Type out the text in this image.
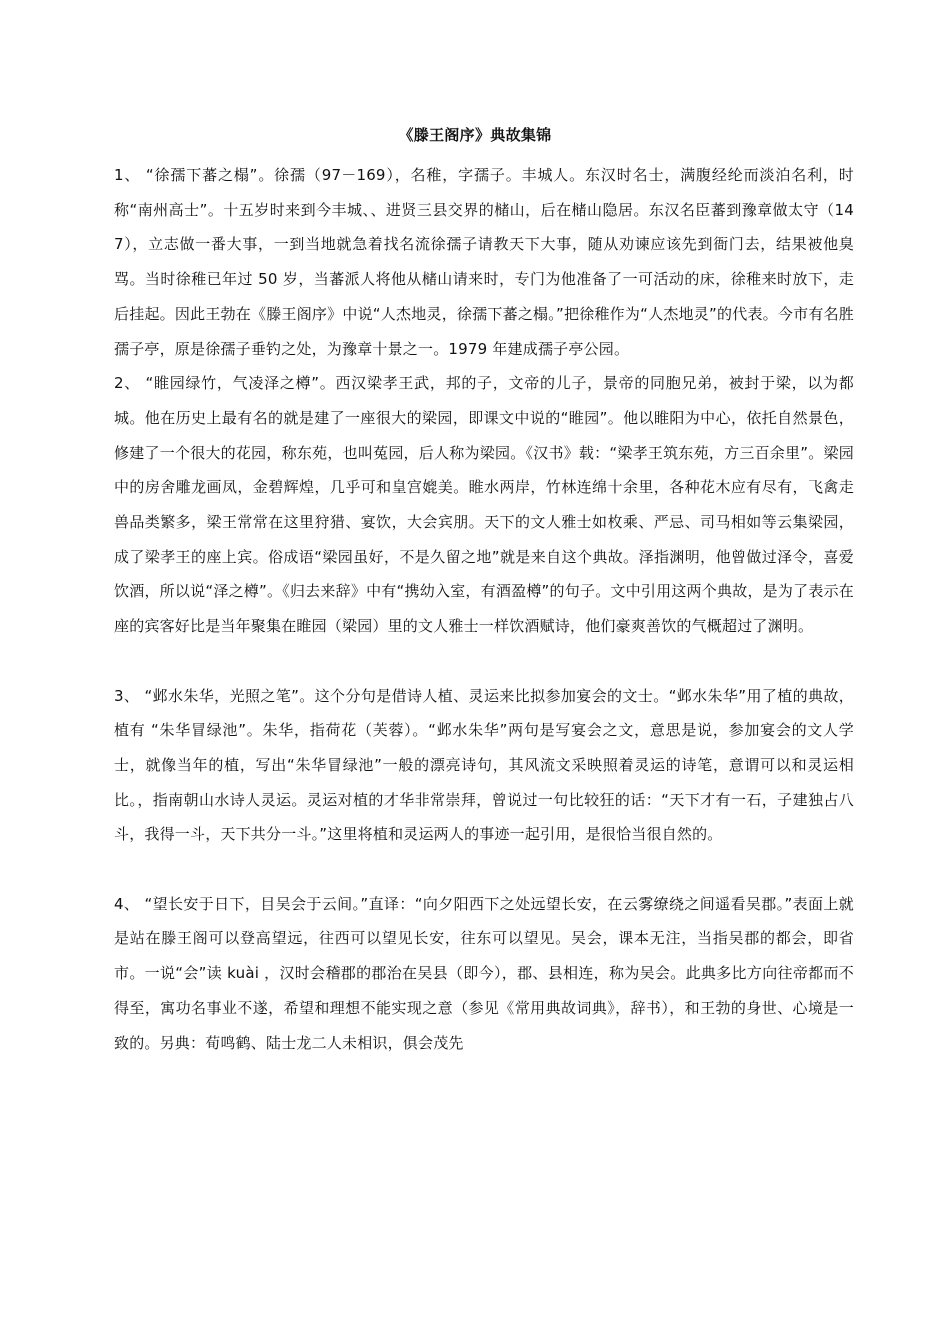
《滕王阁序》典故集锦

1、 “徐孺下蕃之榻”。徐孺（97－169），名稚，字孺子。丰城人。东汉时名士，满腹经纶而淡泊名利，时称“南州高士”。十五岁时来到今丰城、、进贤三县交界的槠山，后在槠山隐居。东汉名臣蕃到豫章做太守（147），立志做一番大事，一到当地就急着找名流徐孺子请教天下大事，随从劝谏应该先到衙门去，结果被他臭骂。当时徐稚已年过 50 岁，当蕃派人将他从槠山请来时，专门为他准备了一可活动的床，徐稚来时放下，走后挂起。因此王勃在《滕王阁序》中说“人杰地灵，徐孺下蕃之榻。”把徐稚作为“人杰地灵”的代表。今市有名胜孺子亭，原是徐孺子垂钓之处，为豫章十景之一。1979 年建成孺子亭公园。

2、 “睢园绿竹，气凌泽之樽”。西汉梁孝王武，邦的子，文帝的儿子，景帝的同胞兄弟，被封于梁，以为都城。他在历史上最有名的就是建了一座很大的梁园，即课文中说的“睢园”。他以睢阳为中心，依托自然景色，修建了一个很大的花园，称东苑，也叫菟园，后人称为梁园。《汉书》载：“梁孝王筑东苑，方三百余里”。梁园中的房舍雕龙画凤，金碧辉煌，几乎可和皇宫媲美。睢水两岸，竹林连绵十余里，各种花木应有尽有，飞禽走兽品类繁多，梁王常常在这里狩猎、宴饮，大会宾朋。天下的文人雅士如枚乘、严忌、司马相如等云集梁园，成了梁孝王的座上宾。俗成语“梁园虽好，不是久留之地”就是来自这个典故。泽指渊明，他曾做过泽令，喜爱饮酒，所以说“泽之樽”。《归去来辞》中有“携幼入室，有酒盈樽”的句子。文中引用这两个典故，是为了表示在座的宾客好比是当年聚集在睢园（梁园）里的文人雅士一样饮酒赋诗，他们豪爽善饮的气概超过了渊明。

3、 “邺水朱华，光照之笔”。这个分句是借诗人植、灵运来比拟参加宴会的文士。“邺水朱华”用了植的典故，植有 “朱华冒绿池”。朱华，指荷花（芙蓉）。“邺水朱华”两句是写宴会之文，意思是说，参加宴会的文人学士，就像当年的植，写出“朱华冒绿池”一般的漂亮诗句，其风流文采映照着灵运的诗笔，意谓可以和灵运相比。，指南朝山水诗人灵运。灵运对植的才华非常崇拜，曾说过一句比较狂的话：“天下才有一石，子建独占八斗，我得一斗，天下共分一斗。”这里将植和灵运两人的事迹一起引用，是很恰当很自然的。

4、 “望长安于日下，目吴会于云间。”直译：“向夕阳西下之处远望长安，在云雾缭绕之间遥看吴郡。”表面上就是站在滕王阁可以登高望远，往西可以望见长安，往东可以望见。吴会，课本无注，当指吴郡的都会，即省市。一说“会”读 kuài ，汉时会稽郡的郡治在吴县（即今），郡、县相连，称为吴会。此典多比方向往帝都而不得至，寓功名事业不遂，希望和理想不能实现之意（参见《常用典故词典》，辞书），和王勃的身世、心境是一致的。另典：荀鸣鹤、陆士龙二人未相识，俱会茂先
